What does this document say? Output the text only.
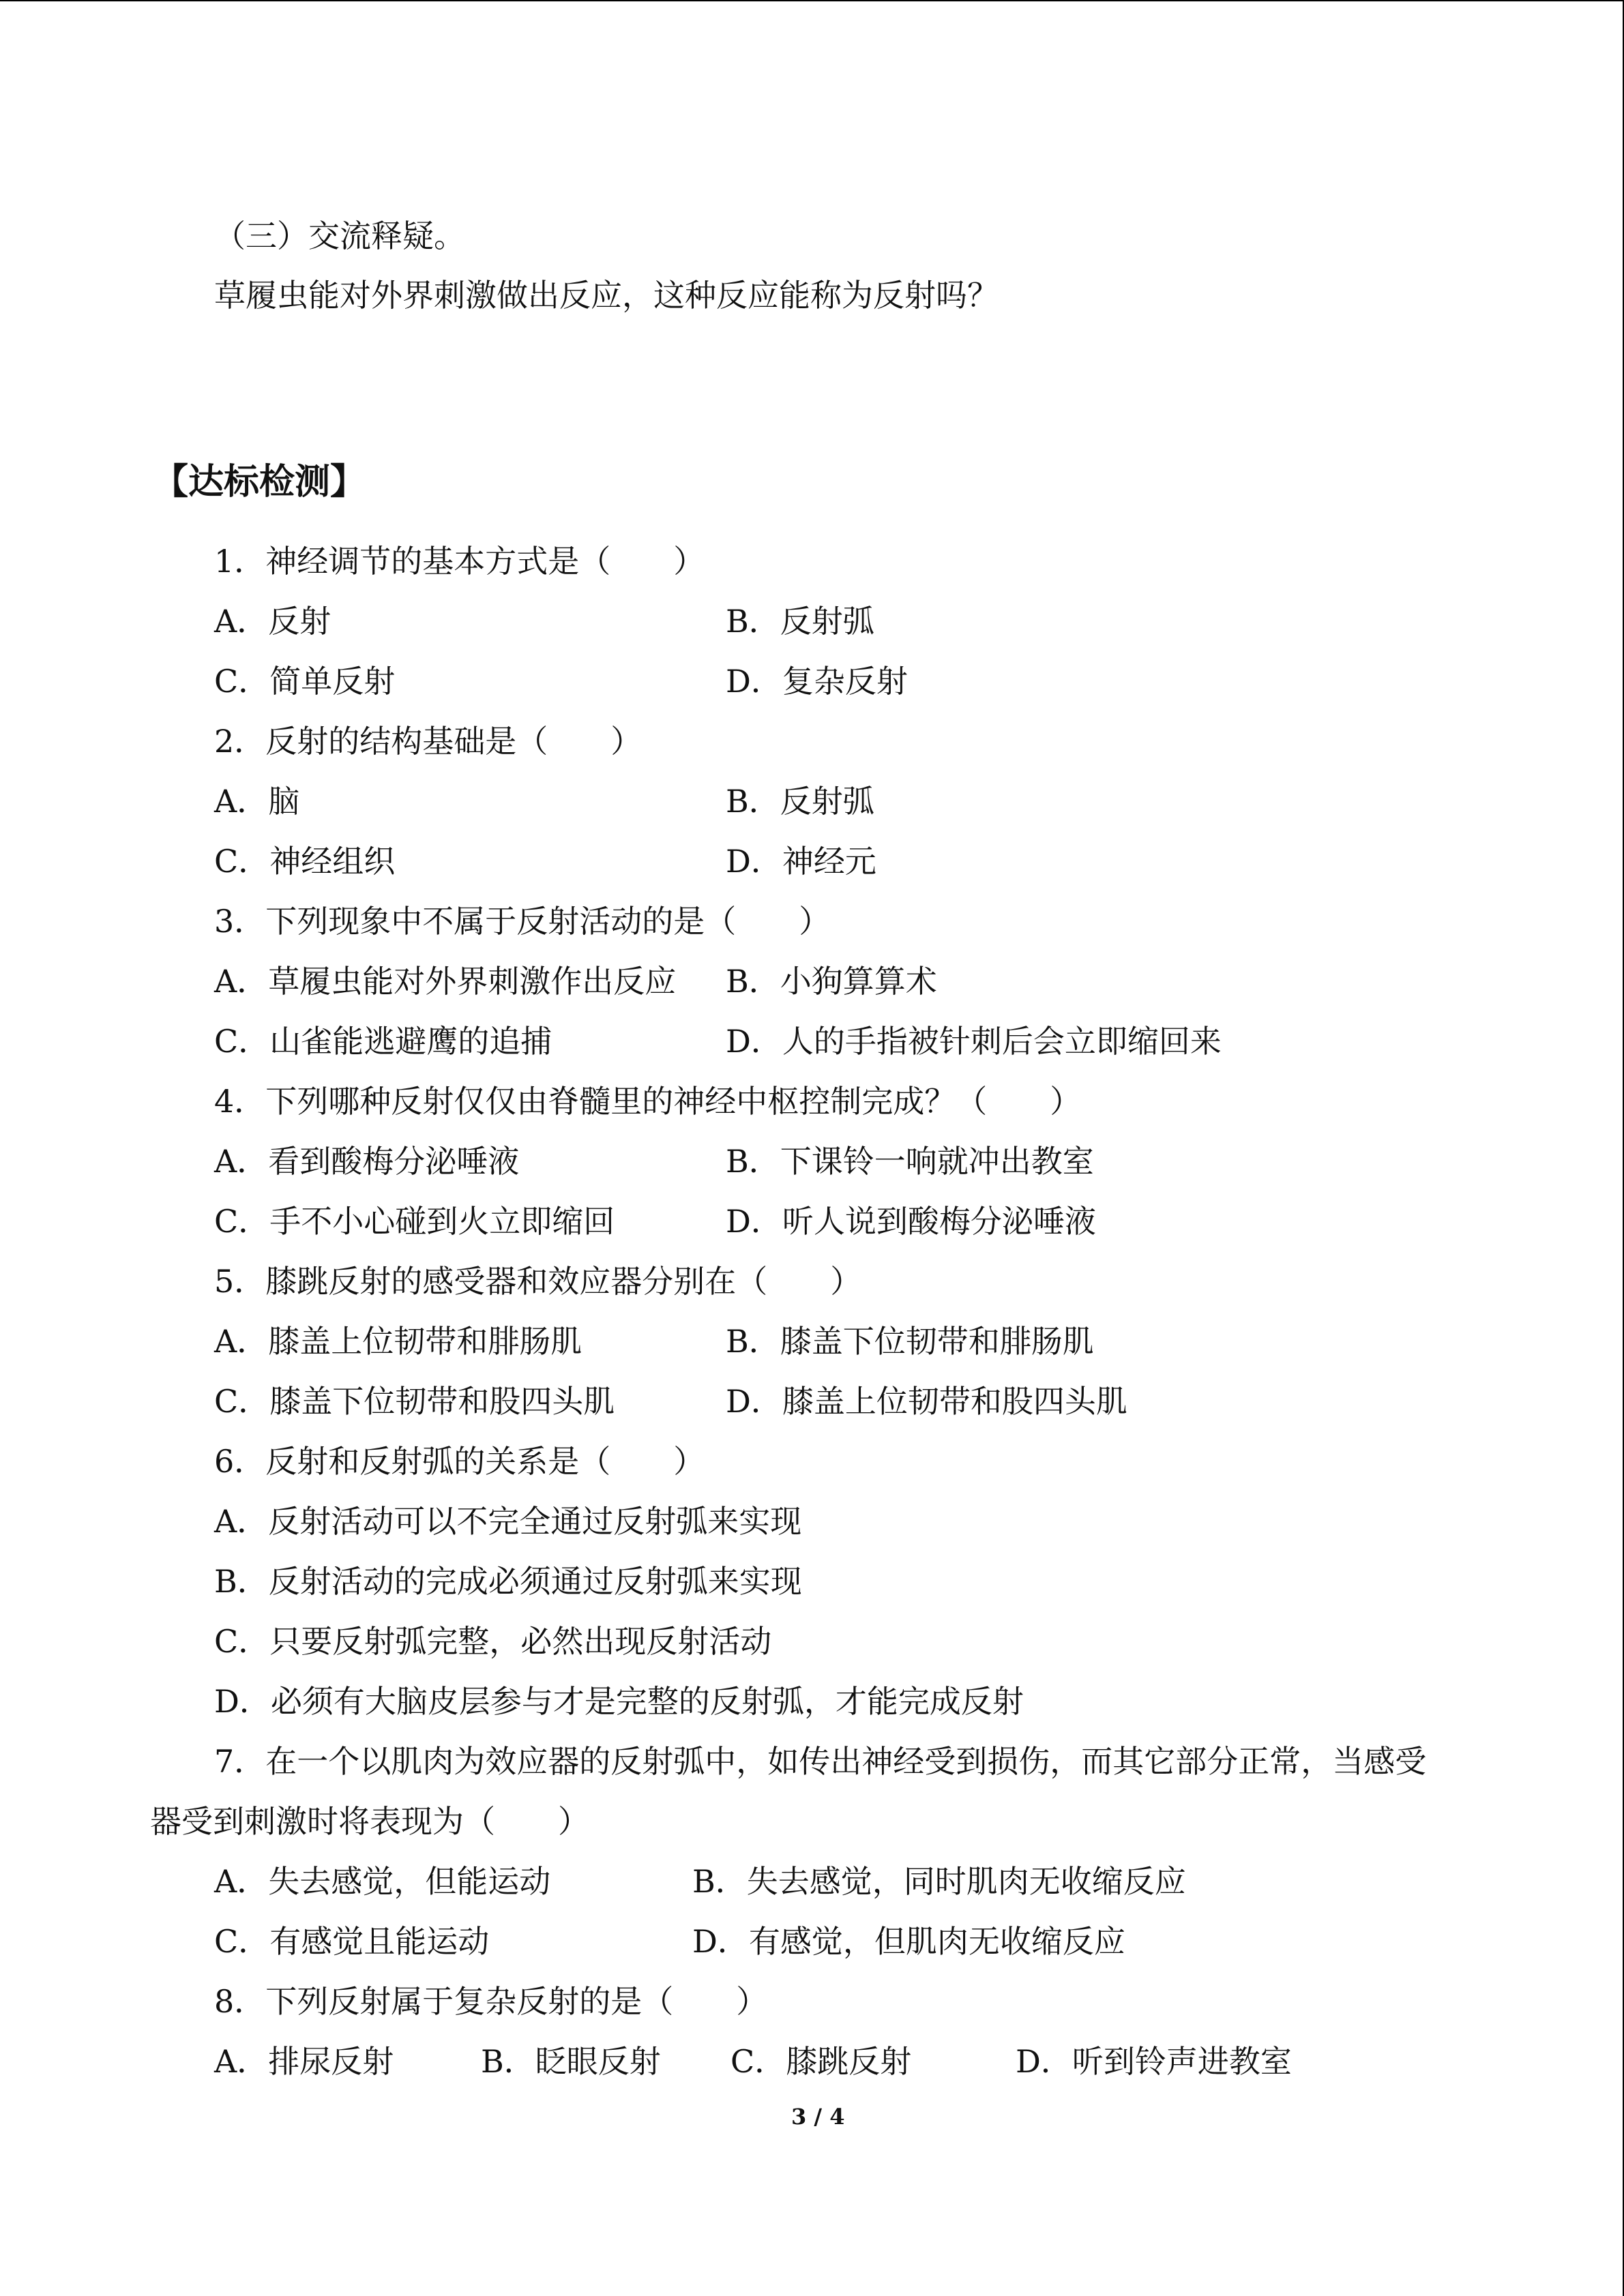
（三）交流释疑。
草履虫能对外界刺激做出反应，这种反应能称为反射吗？
【达标检测】
1．神经调节的基本方式是（　　）
A．反射	B．反射弧
C．简单反射	D．复杂反射
2．反射的结构基础是（　　）
A．脑	B．反射弧
C．神经组织	D．神经元
3．下列现象中不属于反射活动的是（　　）
A．草履虫能对外界刺激作出反应 B．小狗算算术
C．山雀能逃避鹰的追捕	D．人的手指被针刺后会立即缩回来
4．下列哪种反射仅仅由脊髓里的神经中枢控制完成？（　　）
A．看到酸梅分泌唾液	B．下课铃一响就冲出教室
C．手不小心碰到火立即缩回	D．听人说到酸梅分泌唾液
5．膝跳反射的感受器和效应器分别在（　　）
A．膝盖上位韧带和腓肠肌	B．膝盖下位韧带和腓肠肌
C．膝盖下位韧带和股四头肌	D．膝盖上位韧带和股四头肌
6．反射和反射弧的关系是（　　）
A．反射活动可以不完全通过反射弧来实现
B．反射活动的完成必须通过反射弧来实现
C．只要反射弧完整，必然出现反射活动
D．必须有大脑皮层参与才是完整的反射弧，才能完成反射
7．在一个以肌肉为效应器的反射弧中，如传出神经受到损伤，而其它部分正常，当感受
器受到刺激时将表现为（　　）
A．失去感觉，但能运动	B．失去感觉，同时肌肉无收缩反应
C．有感觉且能运动	D．有感觉，但肌肉无收缩反应
8．下列反射属于复杂反射的是（　　）
A．排尿反射	B．眨眼反射 C．膝跳反射	D．听到铃声进教室
3 / 4
